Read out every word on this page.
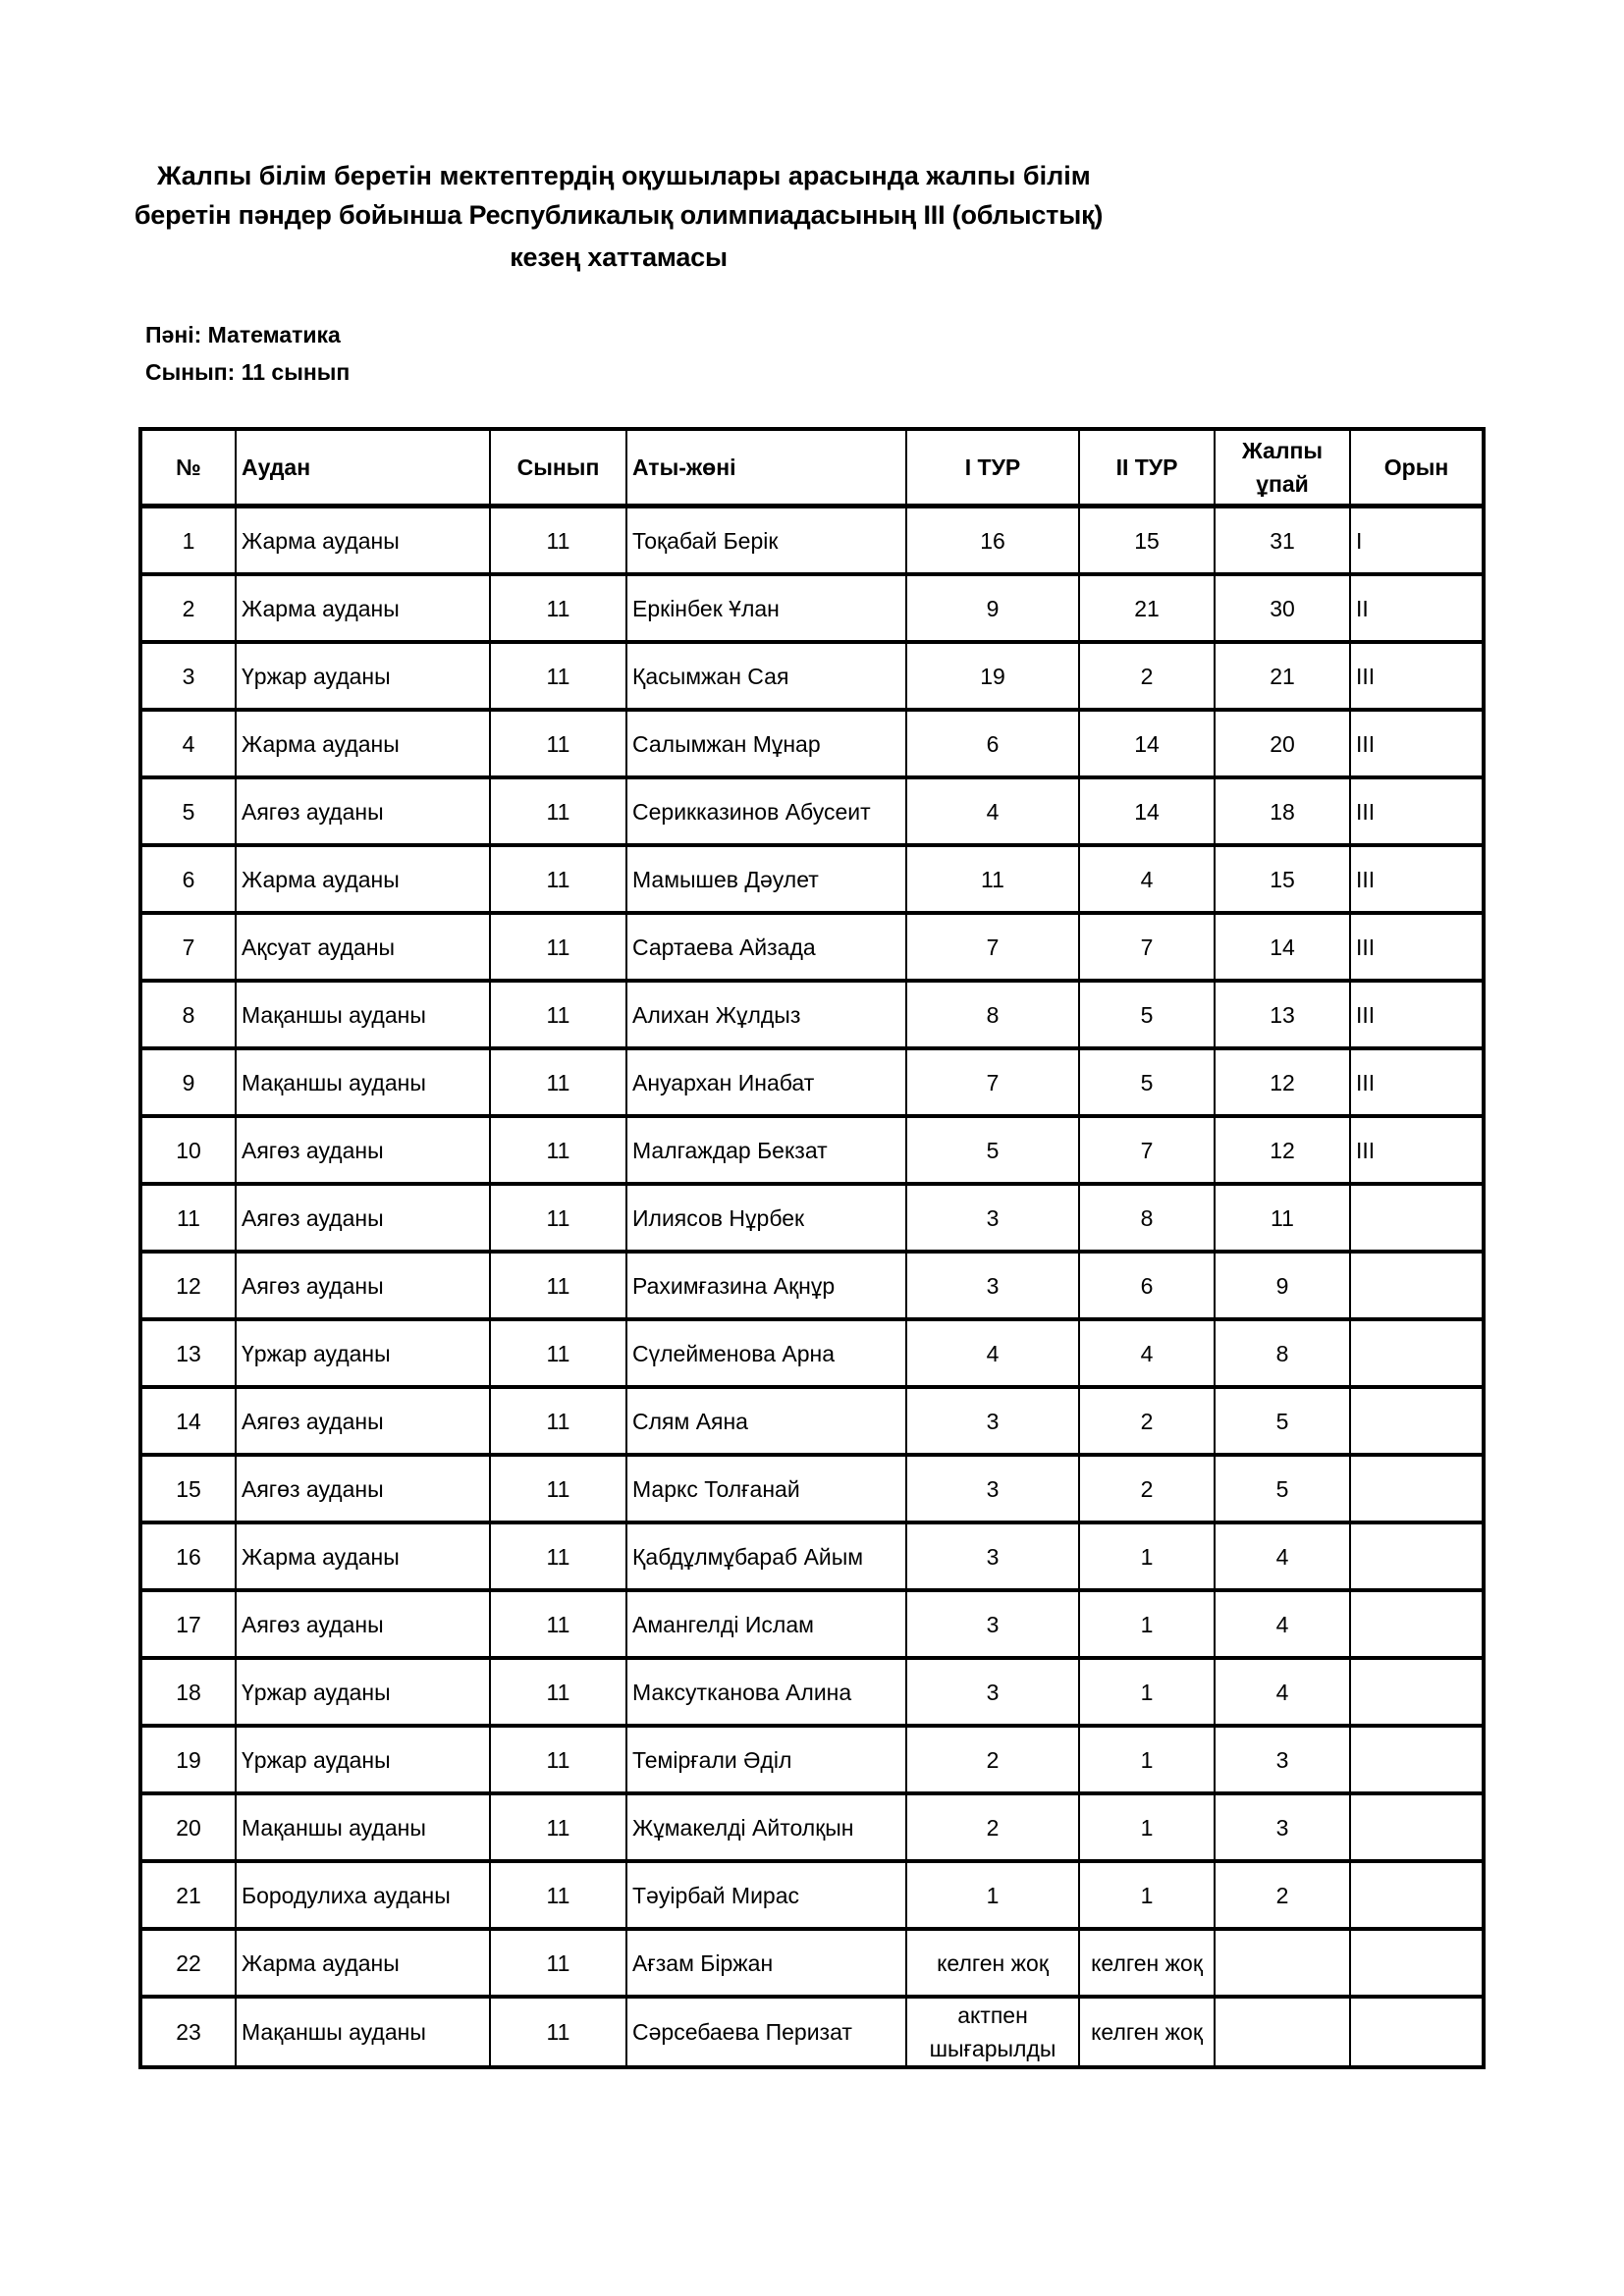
Жалпы білім беретін мектептердің оқушылары арасында жалпы білім
беретін пәндер бойынша Республикалық олимпиадасының ІІІ (облыстық)
кезең хаттамасы
Пәні: Математика
Сынып: 11 сынып
№	Аудан	Сынып	Аты-жөні	І ТУР	ІІ ТУР	Жалпы ұпай	Орын
1	Жарма ауданы	11	Тоқабай Берік	16	15	31	I
2	Жарма ауданы	11	Еркінбек Ұлан	9	21	30	II
3	Үржар ауданы	11	Қасымжан Сая	19	2	21	III
4	Жарма ауданы	11	Салымжан Мұнар	6	14	20	III
5	Аягөз ауданы	11	Серикказинов Абусеит	4	14	18	III
6	Жарма ауданы	11	Мамышев Дәулет	11	4	15	III
7	Ақсуат ауданы	11	Сартаева Айзада	7	7	14	III
8	Мақаншы ауданы	11	Алихан Жұлдыз	8	5	13	III
9	Мақаншы ауданы	11	Ануархан Инабат	7	5	12	III
10	Аягөз ауданы	11	Малгаждар Бекзат	5	7	12	III
11	Аягөз ауданы	11	Илиясов Нұрбек	3	8	11	
12	Аягөз ауданы	11	Рахимғазина Ақнұр	3	6	9	
13	Үржар ауданы	11	Сүлейменова Арна	4	4	8	
14	Аягөз ауданы	11	Слям Аяна	3	2	5	
15	Аягөз ауданы	11	Маркс Толғанай	3	2	5	
16	Жарма ауданы	11	Қабдұлмұбараб Айым	3	1	4	
17	Аягөз ауданы	11	Амангелді Ислам	3	1	4	
18	Үржар ауданы	11	Максутканова Алина	3	1	4	
19	Үржар ауданы	11	Темірғали Әділ	2	1	3	
20	Мақаншы ауданы	11	Жұмакелді Айтолқын	2	1	3	
21	Бородулиха ауданы	11	Тәуірбай Мирас	1	1	2	
22	Жарма ауданы	11	Ағзам Біржан	келген жоқ	келген жоқ		
23	Мақаншы ауданы	11	Сәрсебаева Перизат	актпен шығарылды	келген жоқ		
